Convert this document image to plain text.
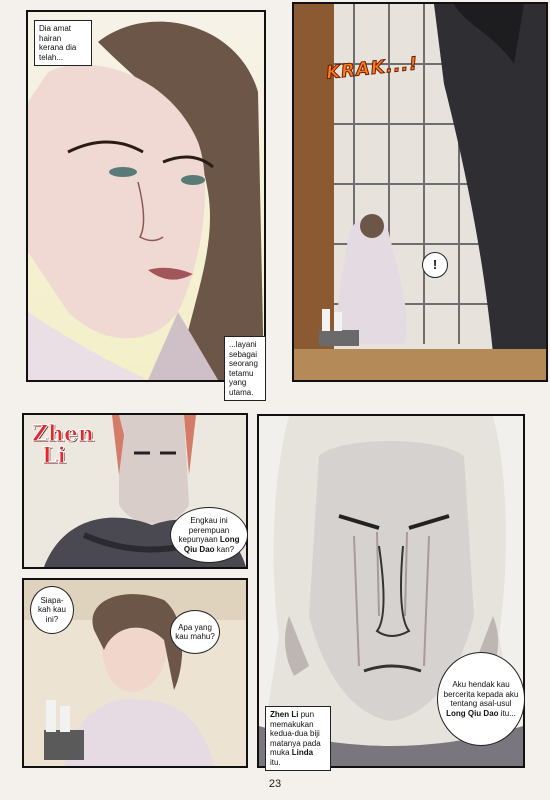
Dia amat hairan kerana dia telah...
...layani sebagai seorang tetamu yang utama.
KRAK...!
!
Zhen
Li
Engkau ini perempuan kepunyaan Long Qiu Dao kan?
Siapa-kah kau ini?
Apa yang kau mahu?
Aku hendak kau bercerita kepada aku tentang asal-usul Long Qiu Dao itu...
Zhen Li pun memakukan kedua-dua biji matanya pada muka Linda itu.
23
